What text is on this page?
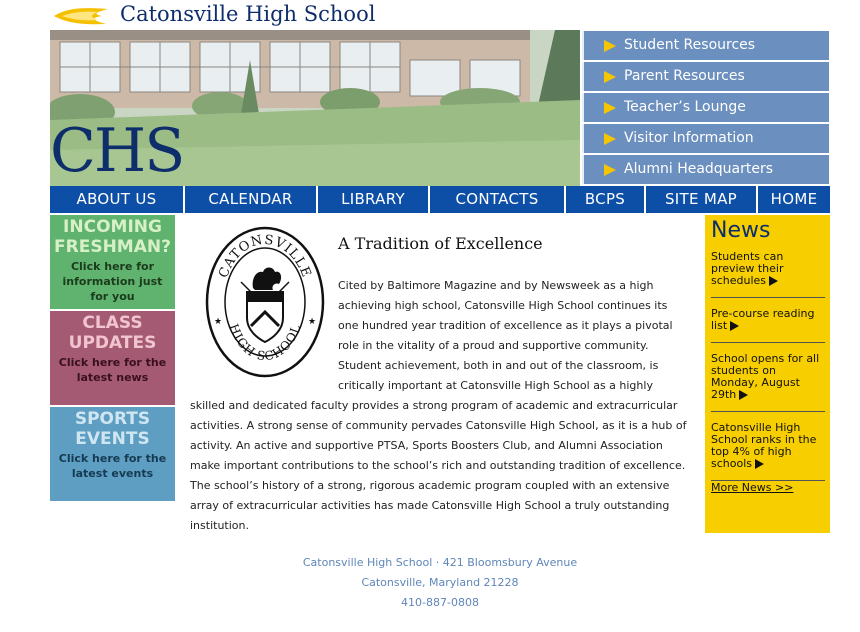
Catonsville High School
CHS
Student Resources
Parent Resources
Teacher’s Lounge
Visitor Information
Alumni Headquarters
ABOUT US	CALENDAR	LIBRARY	CONTACTS	BCPS	SITE MAP	HOME
INCOMING FRESHMAN?
Click here for information just for you
CLASS UPDATES
Click here for the latest news
SPORTS EVENTS
Click here for the latest events
CATONSVILLE
HIGH SCHOOL
★	★
A Tradition of Excellence
Cited by Baltimore Magazine and by Newsweek as a high achieving high school, Catonsville High School continues its one hundred year tradition of excellence as it plays a pivotal role in the vitality of a proud and supportive community. Student achievement, both in and out of the classroom, is critically important at Catonsville High School as a highly skilled and dedicated faculty provides a strong program of academic and extracurricular activities. A strong sense of community pervades Catonsville High School, as it is a hub of activity. An active and supportive PTSA, Sports Boosters Club, and Alumni Association make important contributions to the school’s rich and outstanding tradition of excellence. The school’s history of a strong, rigorous academic program coupled with an extensive array of extracurricular activities has made Catonsville High School a truly outstanding institution.
News
Students can preview their schedules
Pre-course reading list
School opens for all students on Monday, August 29th
Catonsville High School ranks in the top 4% of high schools
More News >>
Catonsville High School · 421 Bloomsbury Avenue
Catonsville, Maryland 21228
410-887-0808
